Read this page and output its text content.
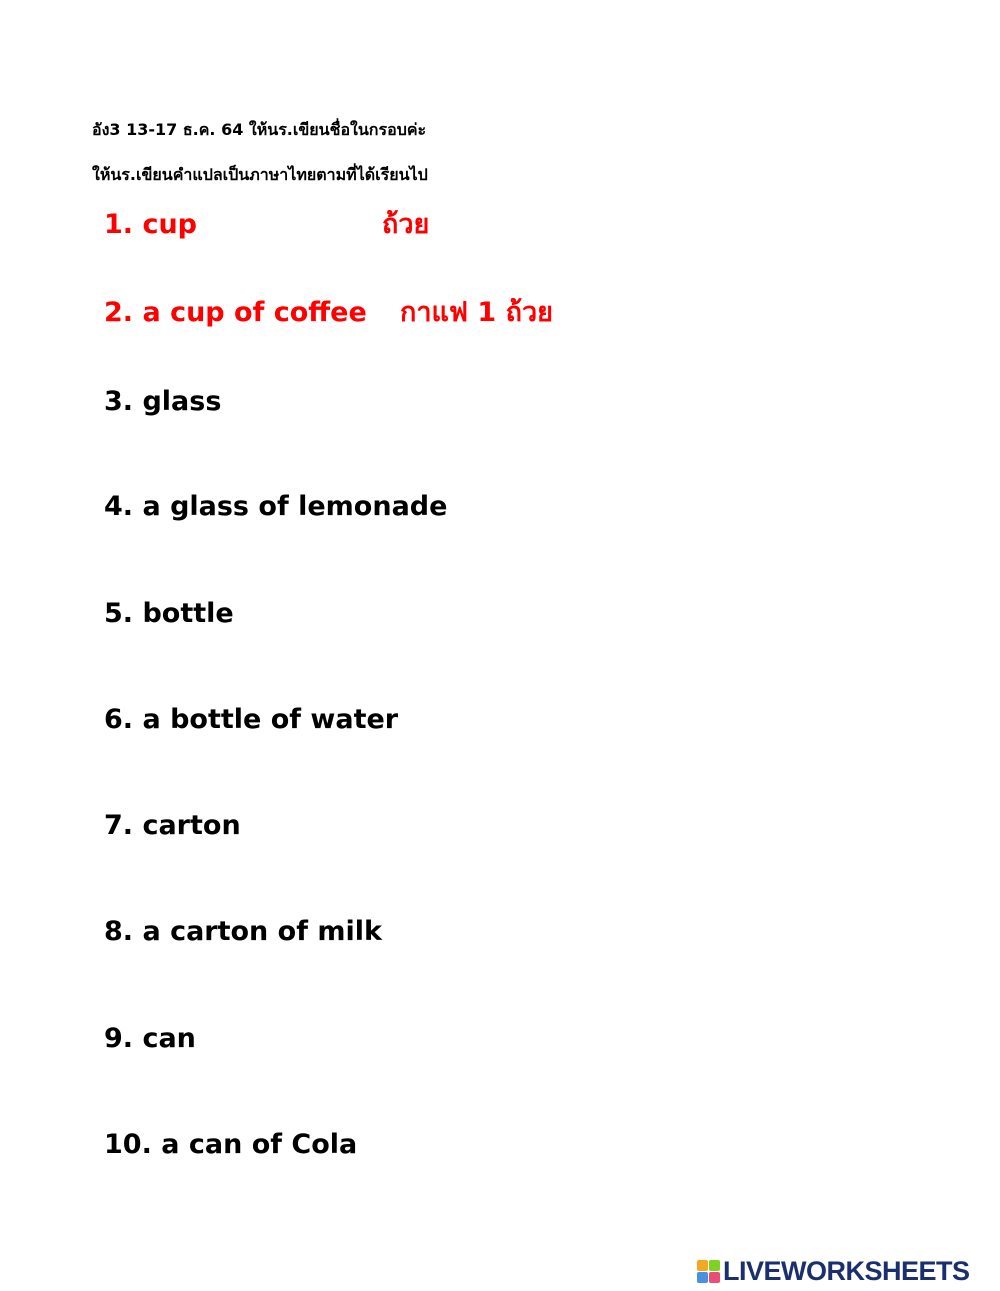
อัง3 13-17 ธ.ค. 64 ให้นร.เขียนชื่อในกรอบค่ะ
ให้นร.เขียนคำแปลเป็นภาษาไทยตามที่ได้เรียนไป
1. cup	ถ้วย
2. a cup of coffee กาแฟ 1 ถ้วย
3. glass
4. a glass of lemonade
5. bottle
6. a bottle of water
7. carton
8. a carton of milk
9. can
10. a can of Cola
LIVEWORKSHEETS
